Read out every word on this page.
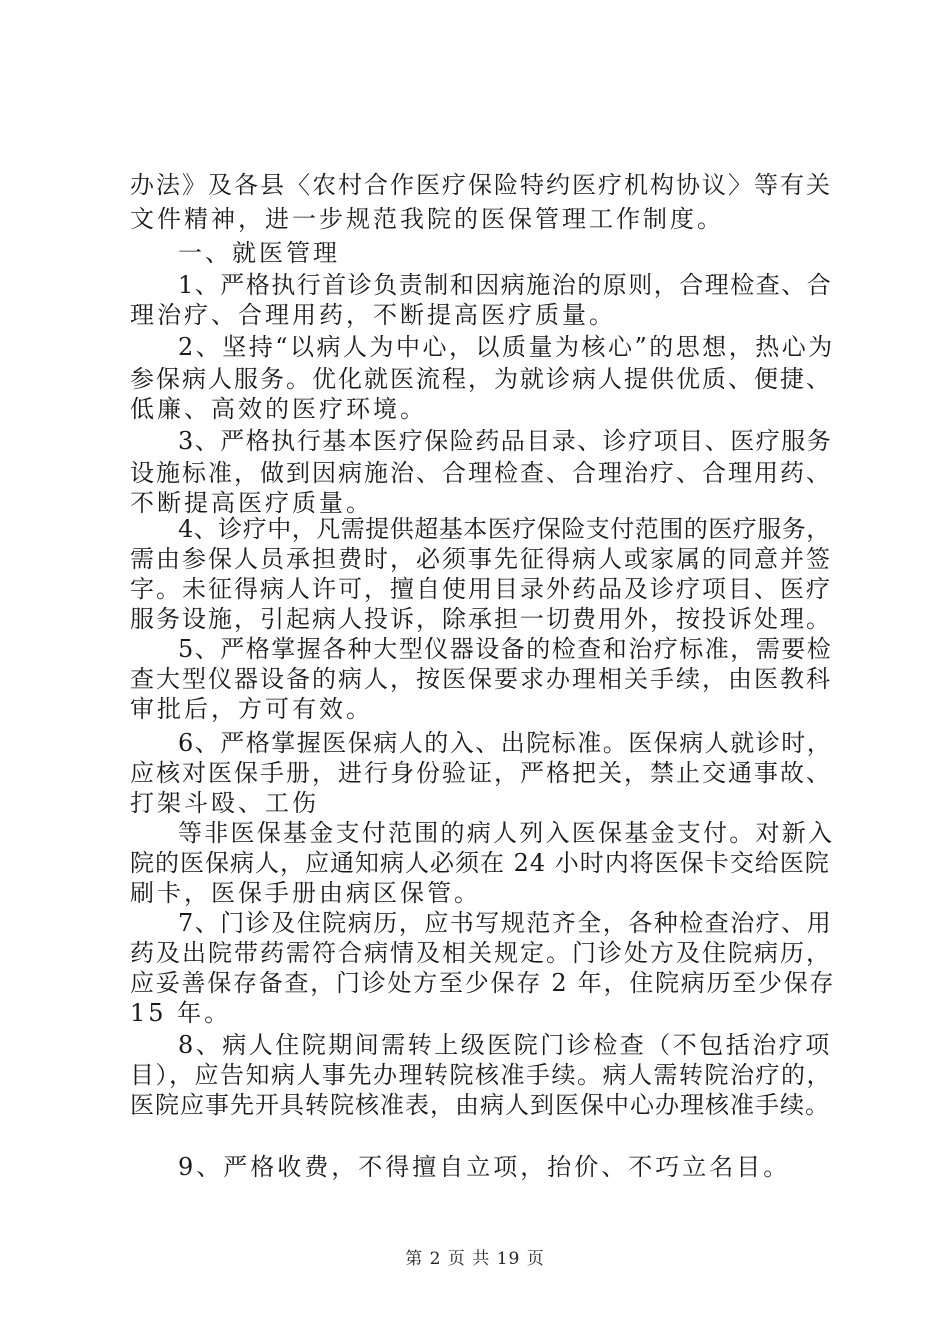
办法》及各县〈农村合作医疗保险特约医疗机构协议〉等有关
文件精神，进一步规范我院的医保管理工作制度。
一、就医管理
1、严格执行首诊负责制和因病施治的原则，合理检查、合
理治疗、合理用药，不断提高医疗质量。
2、坚持“以病人为中心，以质量为核心”的思想，热心为
参保病人服务。优化就医流程，为就诊病人提供优质、便捷、
低廉、高效的医疗环境。
3、严格执行基本医疗保险药品目录、诊疗项目、医疗服务
设施标准，做到因病施治、合理检查、合理治疗、合理用药、
不断提高医疗质量。
4、诊疗中，凡需提供超基本医疗保险支付范围的医疗服务，
需由参保人员承担费时，必须事先征得病人或家属的同意并签
字。未征得病人许可，擅自使用目录外药品及诊疗项目、医疗
服务设施，引起病人投诉，除承担一切费用外，按投诉处理。
5、严格掌握各种大型仪器设备的检查和治疗标准，需要检
查大型仪器设备的病人，按医保要求办理相关手续，由医教科
审批后，方可有效。
6、严格掌握医保病人的入、出院标准。医保病人就诊时，
应核对医保手册，进行身份验证，严格把关，禁止交通事故、
打架斗殴、工伤
等非医保基金支付范围的病人列入医保基金支付。对新入
院的医保病人，应通知病人必须在 24 小时内将医保卡交给医院
刷卡，医保手册由病区保管。
7、门诊及住院病历，应书写规范齐全，各种检查治疗、用
药及出院带药需符合病情及相关规定。门诊处方及住院病历，
应妥善保存备查，门诊处方至少保存 2 年，住院病历至少保存
15 年。
8、病人住院期间需转上级医院门诊检查（不包括治疗项
目），应告知病人事先办理转院核准手续。病人需转院治疗的，
医院应事先开具转院核准表，由病人到医保中心办理核准手续。
9、严格收费，不得擅自立项，抬价、不巧立名目。
第 2 页 共 19 页
